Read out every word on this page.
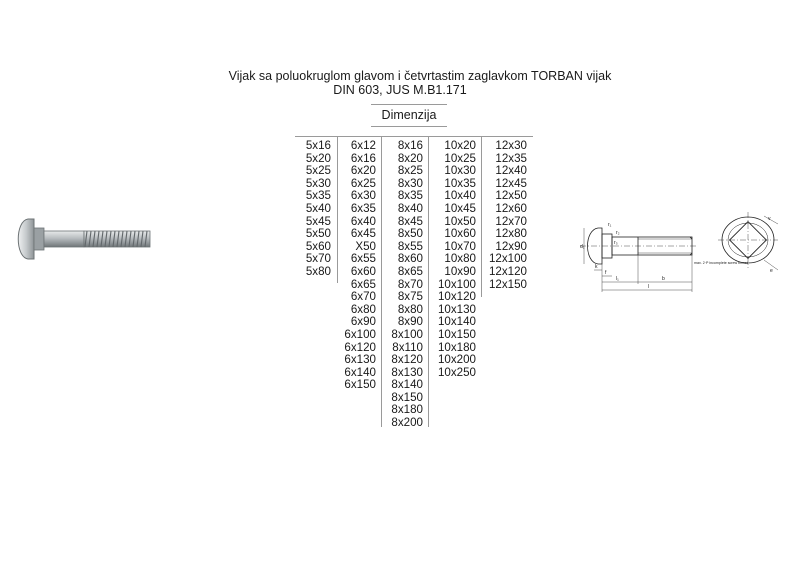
Vijak sa poluokruglom glavom i četvrtastim zaglavkom TORBAN vijak
DIN 603, JUS M.B1.171
Dimenzija
5x16
5x20
5x25
5x30
5x35
5x40
5x45
5x50
5x60
5x70
5x80
6x12
6x16
6x20
6x25
6x30
6x35
6x40
6x45
X50
6x55
6x60
6x65
6x70
6x80
6x90
6x100
6x120
6x130
6x140
6x150
8x16
8x20
8x25
8x30
8x35
8x40
8x45
8x50
8x55
8x60
8x65
8x70
8x75
8x80
8x90
8x100
8x110
8x120
8x130
8x140
8x150
8x180
8x200
10x20
10x25
10x30
10x35
10x40
10x45
10x50
10x60
10x70
10x80
10x90
10x100
10x120
10x130
10x140
10x150
10x180
10x200
10x250
12x30
12x35
12x40
12x45
12x50
12x60
12x70
12x80
12x90
12x100
12x120
12x150
d₁
r₁
r₂
k
r₃
f
l₁	b
l
max. 2·P incomplete screw thread
v
e
